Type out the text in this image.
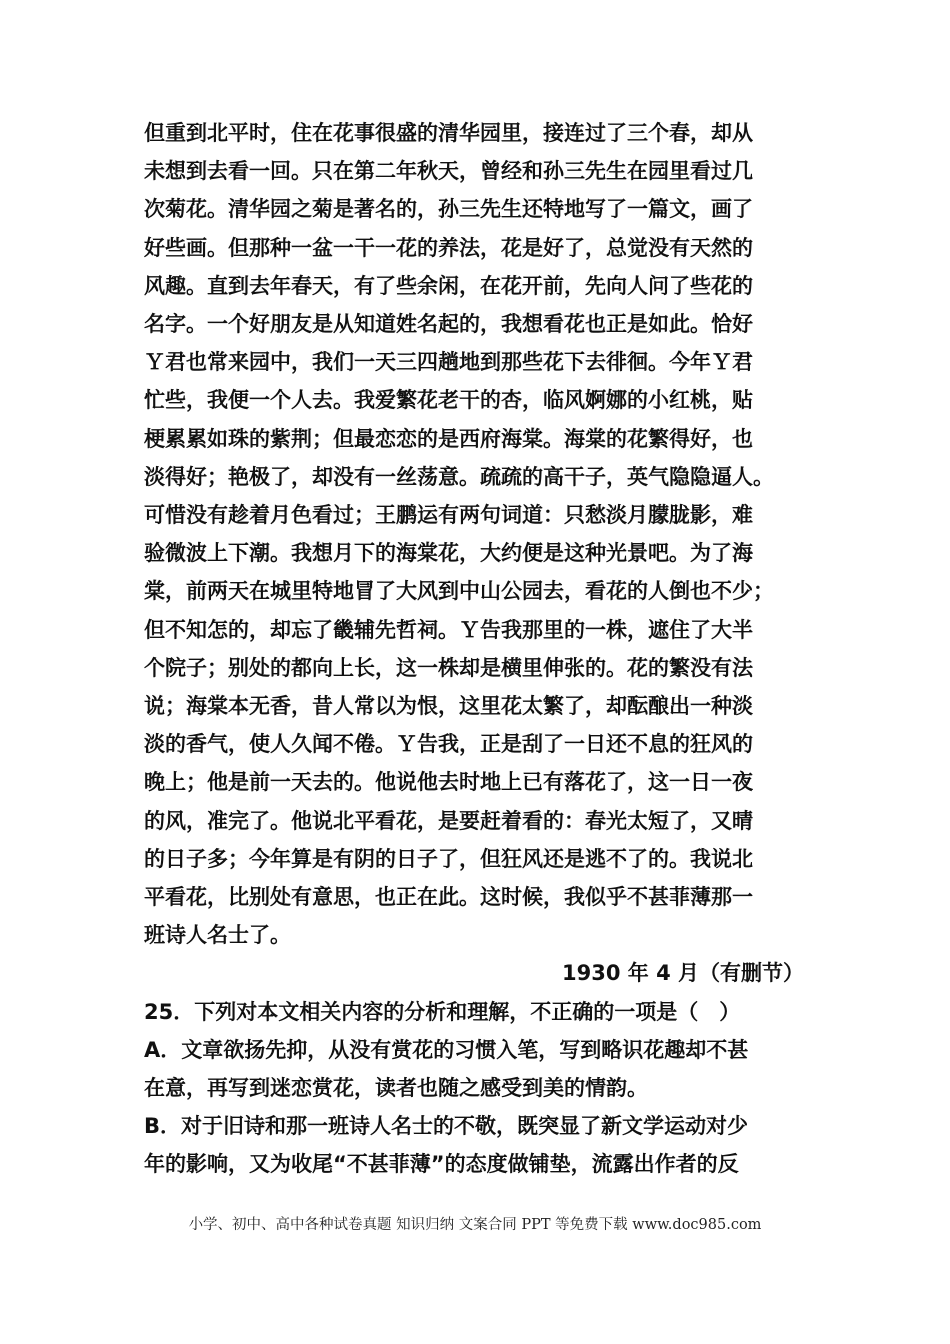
但重到北平时，住在花事很盛的清华园里，接连过了三个春，却从
未想到去看一回。只在第二年秋天，曾经和孙三先生在园里看过几
次菊花。清华园之菊是著名的，孙三先生还特地写了一篇文，画了
好些画。但那种一盆一干一花的养法，花是好了，总觉没有天然的
风趣。直到去年春天，有了些余闲，在花开前，先向人问了些花的
名字。一个好朋友是从知道姓名起的，我想看花也正是如此。恰好
Ｙ君也常来园中，我们一天三四趟地到那些花下去徘徊。今年Ｙ君
忙些，我便一个人去。我爱繁花老干的杏，临风婀娜的小红桃，贴
梗累累如珠的紫荆；但最恋恋的是西府海棠。海棠的花繁得好，也
淡得好；艳极了，却没有一丝荡意。疏疏的高干子，英气隐隐逼人。
可惜没有趁着月色看过；王鹏运有两句词道：只愁淡月朦胧影，难
验微波上下潮。我想月下的海棠花，大约便是这种光景吧。为了海
棠，前两天在城里特地冒了大风到中山公园去，看花的人倒也不少；
但不知怎的，却忘了畿辅先哲祠。Ｙ告我那里的一株，遮住了大半
个院子；别处的都向上长，这一株却是横里伸张的。花的繁没有法
说；海棠本无香，昔人常以为恨，这里花太繁了，却酝酿出一种淡
淡的香气，使人久闻不倦。Ｙ告我，正是刮了一日还不息的狂风的
晚上；他是前一天去的。他说他去时地上已有落花了，这一日一夜
的风，准完了。他说北平看花，是要赶着看的：春光太短了，又晴
的日子多；今年算是有阴的日子了，但狂风还是逃不了的。我说北
平看花，比别处有意思，也正在此。这时候，我似乎不甚菲薄那一
班诗人名士了。
1930 年 4 月（有删节）
25．下列对本文相关内容的分析和理解，不正确的一项是（　）
A．文章欲扬先抑，从没有赏花的习惯入笔，写到略识花趣却不甚
在意，再写到迷恋赏花，读者也随之感受到美的情韵。
B．对于旧诗和那一班诗人名士的不敬，既突显了新文学运动对少
年的影响，又为收尾“不甚菲薄”的态度做铺垫，流露出作者的反
小学、初中、高中各种试卷真题 知识归纳 文案合同 PPT 等免费下载 www.doc985.com
